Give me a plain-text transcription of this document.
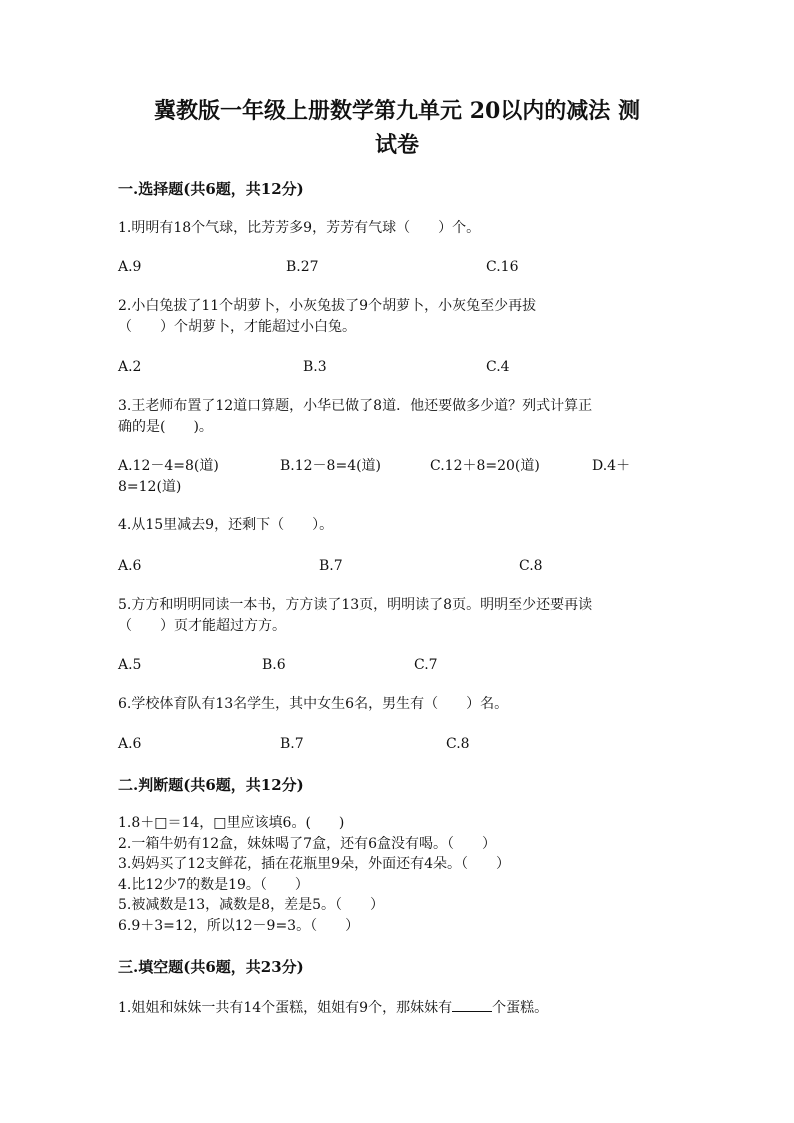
冀教版一年级上册数学第九单元 20以内的减法 测
试卷
一.选择题(共6题，共12分)
1.明明有18个气球，比芳芳多9，芳芳有气球（　　）个。
A.9	B.27	C.16
2.小白兔拔了11个胡萝卜，小灰兔拔了9个胡萝卜，小灰兔至少再拔
（　　）个胡萝卜，才能超过小白兔。
A.2	B.3	C.4
3.王老师布置了12道口算题，小华已做了8道．他还要做多少道？列式计算正
确的是(　　)。
A.12－4=8(道)	B.12－8=4(道)	C.12＋8=20(道)	D.4＋
8=12(道)
4.从15里减去9，还剩下（　　）。
A.6	B.7	C.8
5.方方和明明同读一本书，方方读了13页，明明读了8页。明明至少还要再读
（　　）页才能超过方方。
A.5	B.6	C.7
6.学校体育队有13名学生，其中女生6名，男生有（　　）名。
A.6	B.7	C.8
二.判断题(共6题，共12分)
1.8＋□＝14，□里应该填6。(　　)
2.一箱牛奶有12盒，妹妹喝了7盒，还有6盒没有喝。（　　）
3.妈妈买了12支鲜花，插在花瓶里9朵，外面还有4朵。（　　）
4.比12少7的数是19。（　　）
5.被减数是13，减数是8，差是5。（　　）
6.9＋3=12，所以12－9=3。（　　）
三.填空题(共6题，共23分)
1.姐姐和妹妹一共有14个蛋糕，姐姐有9个，那妹妹有	个蛋糕。
